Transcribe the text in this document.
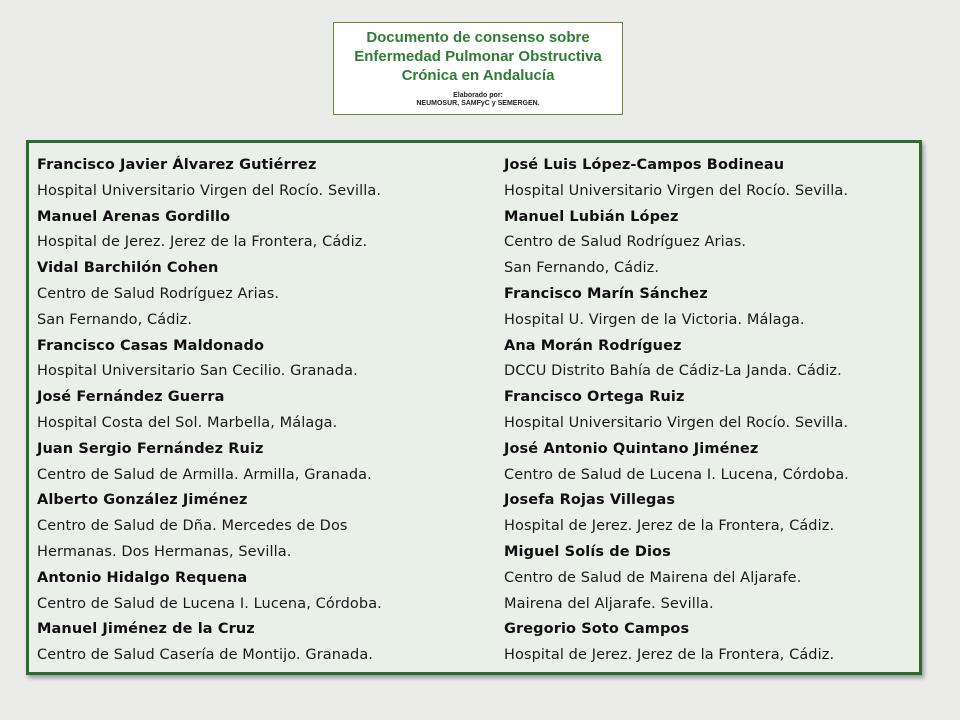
Documento de consenso sobre
Enfermedad Pulmonar Obstructiva
Crónica en Andalucía
Elaborado por:
NEUMOSUR, SAMFyC y SEMERGEN.
Francisco Javier Álvarez Gutiérrez
Hospital Universitario Virgen del Rocío. Sevilla.
Manuel Arenas Gordillo
Hospital de Jerez. Jerez de la Frontera, Cádiz.
Vidal Barchilón Cohen
Centro de Salud Rodríguez Arias.
San Fernando, Cádiz.
Francisco Casas Maldonado
Hospital Universitario San Cecilio. Granada.
José Fernández Guerra
Hospital Costa del Sol. Marbella, Málaga.
Juan Sergio Fernández Ruiz
Centro de Salud de Armilla. Armilla, Granada.
Alberto González Jiménez
Centro de Salud de Dña. Mercedes de Dos
Hermanas. Dos Hermanas, Sevilla.
Antonio Hidalgo Requena
Centro de Salud de Lucena I. Lucena, Córdoba.
Manuel Jiménez de la Cruz
Centro de Salud Casería de Montijo. Granada.
José Luis López-Campos Bodineau
Hospital Universitario Virgen del Rocío. Sevilla.
Manuel Lubián López
Centro de Salud Rodríguez Arias.
San Fernando, Cádiz.
Francisco Marín Sánchez
Hospital U. Virgen de la Victoria. Málaga.
Ana Morán Rodríguez
DCCU Distrito Bahía de Cádiz-La Janda. Cádiz.
Francisco Ortega Ruiz
Hospital Universitario Virgen del Rocío. Sevilla.
José Antonio Quintano Jiménez
Centro de Salud de Lucena I. Lucena, Córdoba.
Josefa Rojas Villegas
Hospital de Jerez. Jerez de la Frontera, Cádiz.
Miguel Solís de Dios
Centro de Salud de Mairena del Aljarafe.
Mairena del Aljarafe. Sevilla.
Gregorio Soto Campos
Hospital de Jerez. Jerez de la Frontera, Cádiz.
